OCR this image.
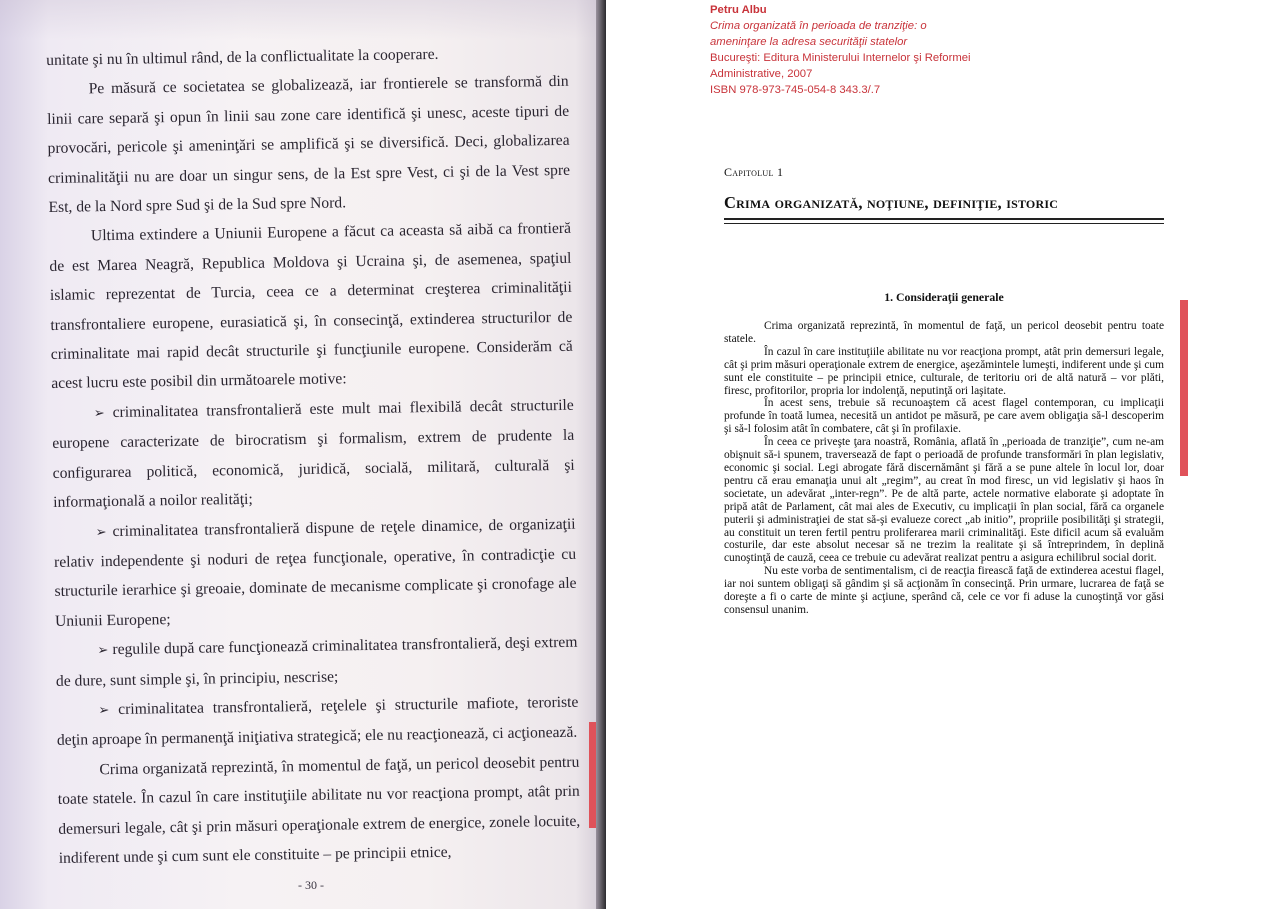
unitate şi nu în ultimul rând, de la conflictualitate la cooperare.

Pe măsură ce societatea se globalizează, iar frontierele se transformă din linii care separă şi opun în linii sau zone care identifică şi unesc, aceste tipuri de provocări, pericole şi ameninţări se amplifică şi se diversifică. Deci, globalizarea criminalităţii nu are doar un singur sens, de la Est spre Vest, ci şi de la Vest spre Est, de la Nord spre Sud şi de la Sud spre Nord.

Ultima extindere a Uniunii Europene a făcut ca aceasta să aibă ca frontieră de est Marea Neagră, Republica Moldova şi Ucraina şi, de asemenea, spaţiul islamic reprezentat de Turcia, ceea ce a determinat creşterea criminalităţii transfrontaliere europene, eurasiatică şi, în consecinţă, extinderea structurilor de criminalitate mai rapid decât structurile şi funcţiunile europene. Considerăm că acest lucru este posibil din următoarele motive:

➢ criminalitatea transfrontalieră este mult mai flexibilă decât structurile europene caracterizate de birocratism şi formalism, extrem de prudente la configurarea politică, economică, juridică, socială, militară, culturală şi informaţională a noilor realităţi;

➢ criminalitatea transfrontalieră dispune de reţele dinamice, de organizaţii relativ independente şi noduri de reţea funcţionale, operative, în contradicţie cu structurile ierarhice şi greoaie, dominate de mecanisme complicate şi cronofage ale Uniunii Europene;

➢ regulile după care funcţionează criminalitatea transfrontalieră, deşi extrem de dure, sunt simple şi, în principiu, nescrise;

➢ criminalitatea transfrontalieră, reţelele şi structurile mafiote, teroriste deţin aproape în permanenţă iniţiativa strategică; ele nu reacţionează, ci acţionează.

Crima organizată reprezintă, în momentul de faţă, un pericol deosebit pentru toate statele. În cazul în care instituţiile abilitate nu vor reacţiona prompt, atât prin demersuri legale, cât şi prin măsuri operaţionale extrem de energice, zonele locuite, indiferent unde şi cum sunt ele constituite – pe principii etnice,

- 30 -
Petru Albu
Crima organizată în perioada de tranziţie: o
ameninţare la adresa securităţii statelor
Bucureşti: Editura Ministerului Internelor şi Reformei
Administrative, 2007
ISBN 978-973-745-054-8 343.3/.7
Capitolul 1
Crima organizată, noţiune, definiţie, istoric
1. Consideraţii generale

Crima organizată reprezintă, în momentul de faţă, un pericol deosebit pentru toate statele.

În cazul în care instituţiile abilitate nu vor reacţiona prompt, atât prin demersuri legale, cât şi prim măsuri operaţionale extrem de energice, aşezămintele lumeşti, indiferent unde şi cum sunt ele constituite – pe principii etnice, culturale, de teritoriu ori de altă natură – vor plăti, firesc, profitorilor, propria lor indolenţă, neputinţă ori laşitate.

În acest sens, trebuie să recunoaştem că acest flagel contemporan, cu implicaţii profunde în toată lumea, necesită un antidot pe măsură, pe care avem obligaţia să-l descoperim şi să-l folosim atât în combatere, cât şi în profilaxie.

În ceea ce priveşte ţara noastră, România, aflată în „perioada de tranziţie”, cum ne-am obişnuit să-i spunem, traversează de fapt o perioadă de profunde transformări în plan legislativ, economic şi social. Legi abrogate fără discernământ şi fără a se pune altele în locul lor, doar pentru că erau emanaţia unui alt „regim”, au creat în mod firesc, un vid legislativ şi haos în societate, un adevărat „inter-regn”. Pe de altă parte, actele normative elaborate şi adoptate în pripă atât de Parlament, cât mai ales de Executiv, cu implicaţii în plan social, fără ca organele puterii şi administraţiei de stat să-şi evalueze corect „ab initio”, propriile posibilităţi şi strategii, au constituit un teren fertil pentru proliferarea marii criminalităţi. Este dificil acum să evaluăm costurile, dar este absolut necesar să ne trezim la realitate şi să întreprindem, în deplină cunoştinţă de cauză, ceea ce trebuie cu adevărat realizat pentru a asigura echilibrul social dorit.

Nu este vorba de sentimentalism, ci de reacţia firească faţă de extinderea acestui flagel, iar noi suntem obligaţi să gândim şi să acţionăm în consecinţă. Prin urmare, lucrarea de faţă se doreşte a fi o carte de minte şi acţiune, sperând că, cele ce vor fi aduse la cunoştinţă vor găsi consensul unanim.
